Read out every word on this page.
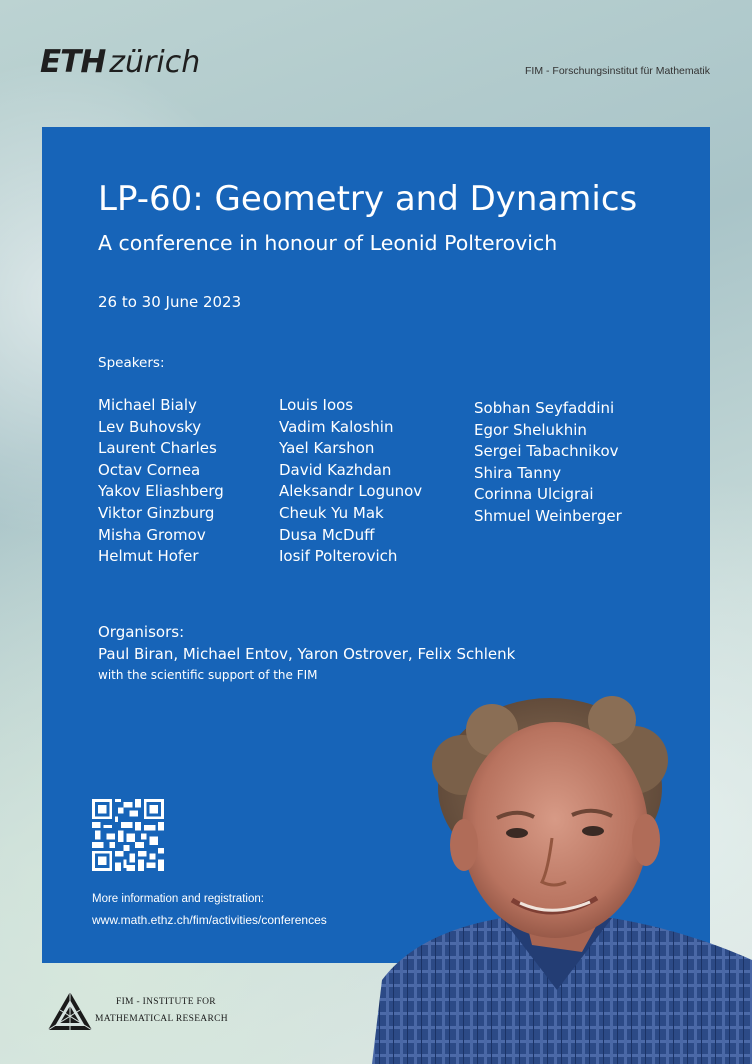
ETH zürich	FIM - Forschungsinstitut für Mathematik
LP-60: Geometry and Dynamics
A conference in honour of Leonid Polterovich
26 to 30 June 2023
Speakers:
Michael Bialy
Lev Buhovsky
Laurent Charles
Octav Cornea
Yakov Eliashberg
Viktor Ginzburg
Misha Gromov
Helmut Hofer
Louis Ioos
Vadim Kaloshin
Yael Karshon
David Kazhdan
Aleksandr Logunov
Cheuk Yu Mak
Dusa McDuff
Iosif Polterovich
Sobhan Seyfaddini
Egor Shelukhin
Sergei Tabachnikov
Shira Tanny
Corinna Ulcigrai
Shmuel Weinberger
Organisors:
Paul Biran, Michael Entov, Yaron Ostrover, Felix Schlenk
with the scientific support of the FIM
More information and registration:
www.math.ethz.ch/fim/activities/conferences
FIM - INSTITUTE FOR
MATHEMATICAL RESEARCH
